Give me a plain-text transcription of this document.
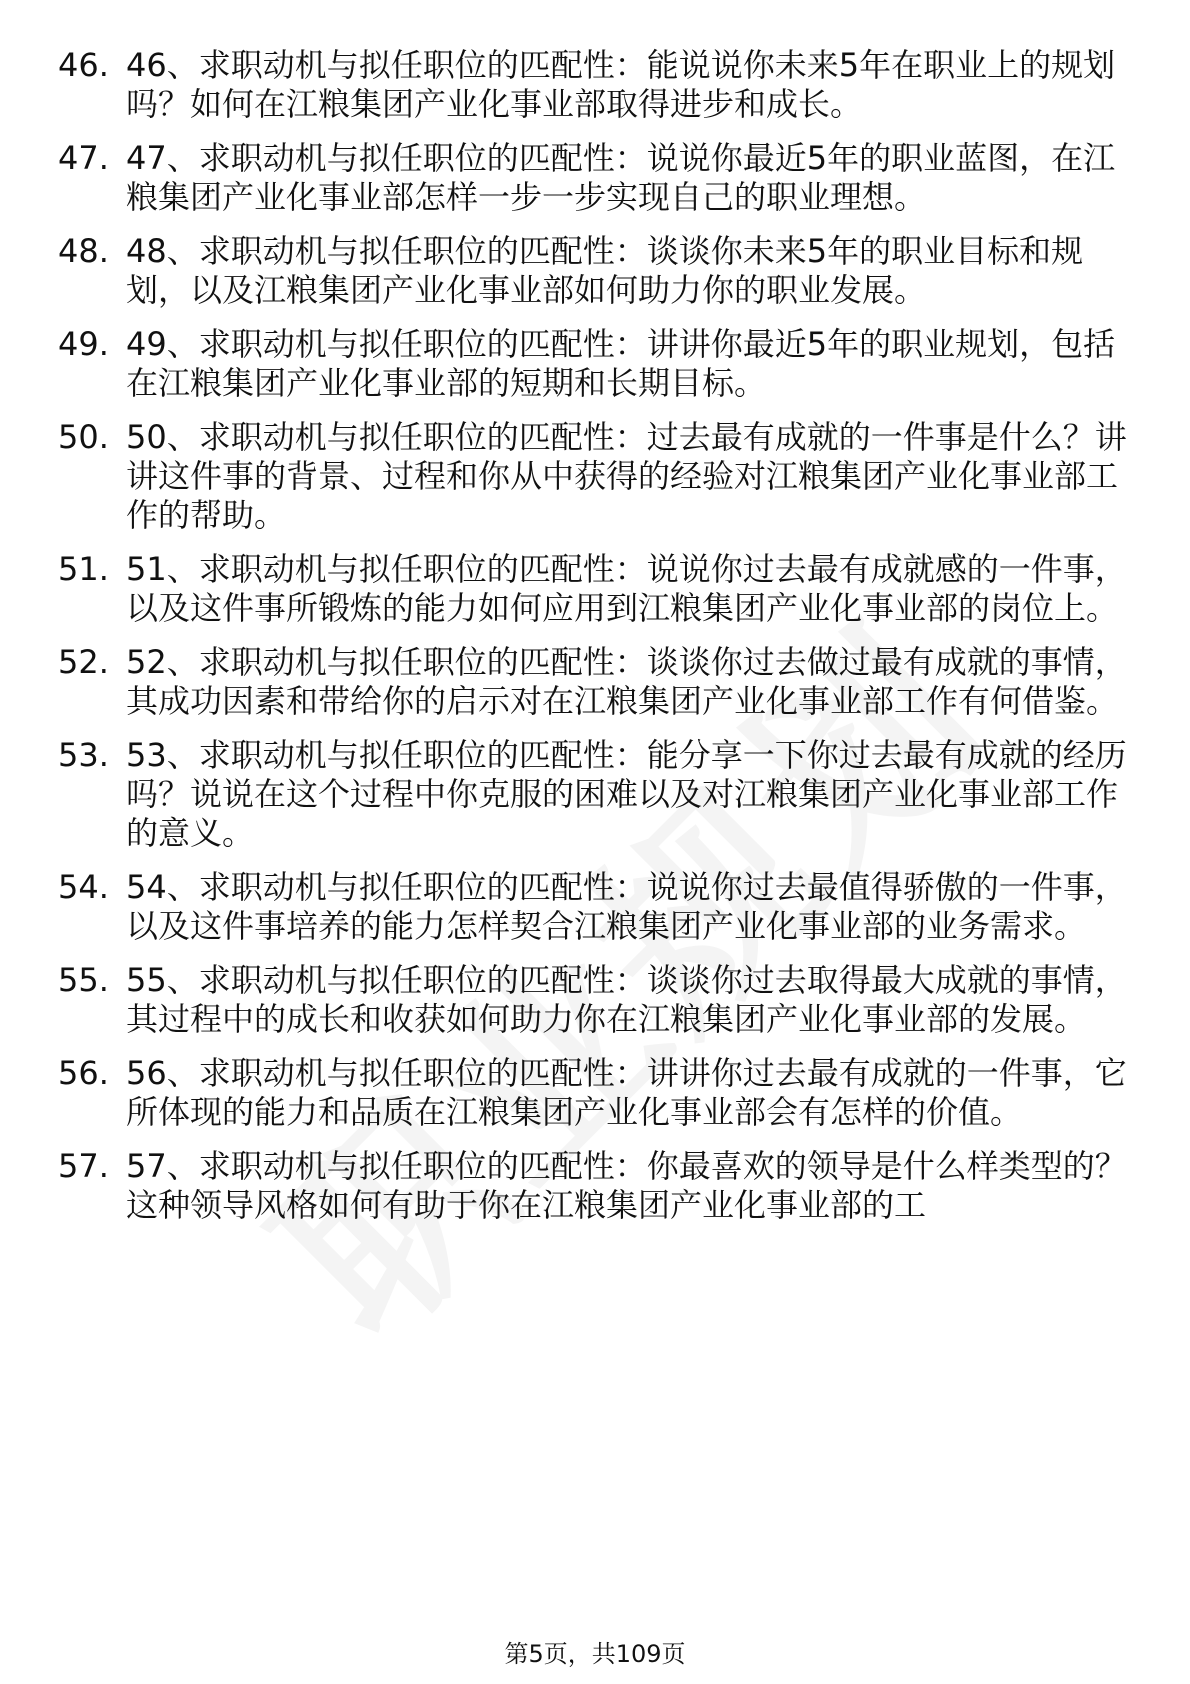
46. 46、求职动机与拟任职位的匹配性：能说说你未来5年在职业上的规划吗？如何在江粮集团产业化事业部取得进步和成长。
47. 47、求职动机与拟任职位的匹配性：说说你最近5年的职业蓝图，在江粮集团产业化事业部怎样一步一步实现自己的职业理想。
48. 48、求职动机与拟任职位的匹配性：谈谈你未来5年的职业目标和规划，以及江粮集团产业化事业部如何助力你的职业发展。
49. 49、求职动机与拟任职位的匹配性：讲讲你最近5年的职业规划，包括在江粮集团产业化事业部的短期和长期目标。
50. 50、求职动机与拟任职位的匹配性：过去最有成就的一件事是什么？讲讲这件事的背景、过程和你从中获得的经验对江粮集团产业化事业部工作的帮助。
51. 51、求职动机与拟任职位的匹配性：说说你过去最有成就感的一件事，以及这件事所锻炼的能力如何应用到江粮集团产业化事业部的岗位上。
52. 52、求职动机与拟任职位的匹配性：谈谈你过去做过最有成就的事情，其成功因素和带给你的启示对在江粮集团产业化事业部工作有何借鉴。
53. 53、求职动机与拟任职位的匹配性：能分享一下你过去最有成就的经历吗？说说在这个过程中你克服的困难以及对江粮集团产业化事业部工作的意义。
54. 54、求职动机与拟任职位的匹配性：说说你过去最值得骄傲的一件事，以及这件事培养的能力怎样契合江粮集团产业化事业部的业务需求。
55. 55、求职动机与拟任职位的匹配性：谈谈你过去取得最大成就的事情，其过程中的成长和收获如何助力你在江粮集团产业化事业部的发展。
56. 56、求职动机与拟任职位的匹配性：讲讲你过去最有成就的一件事，它所体现的能力和品质在江粮集团产业化事业部会有怎样的价值。
57. 57、求职动机与拟任职位的匹配性：你最喜欢的领导是什么样类型的？这种领导风格如何有助于你在江粮集团产业化事业部的工
第5页，共109页
